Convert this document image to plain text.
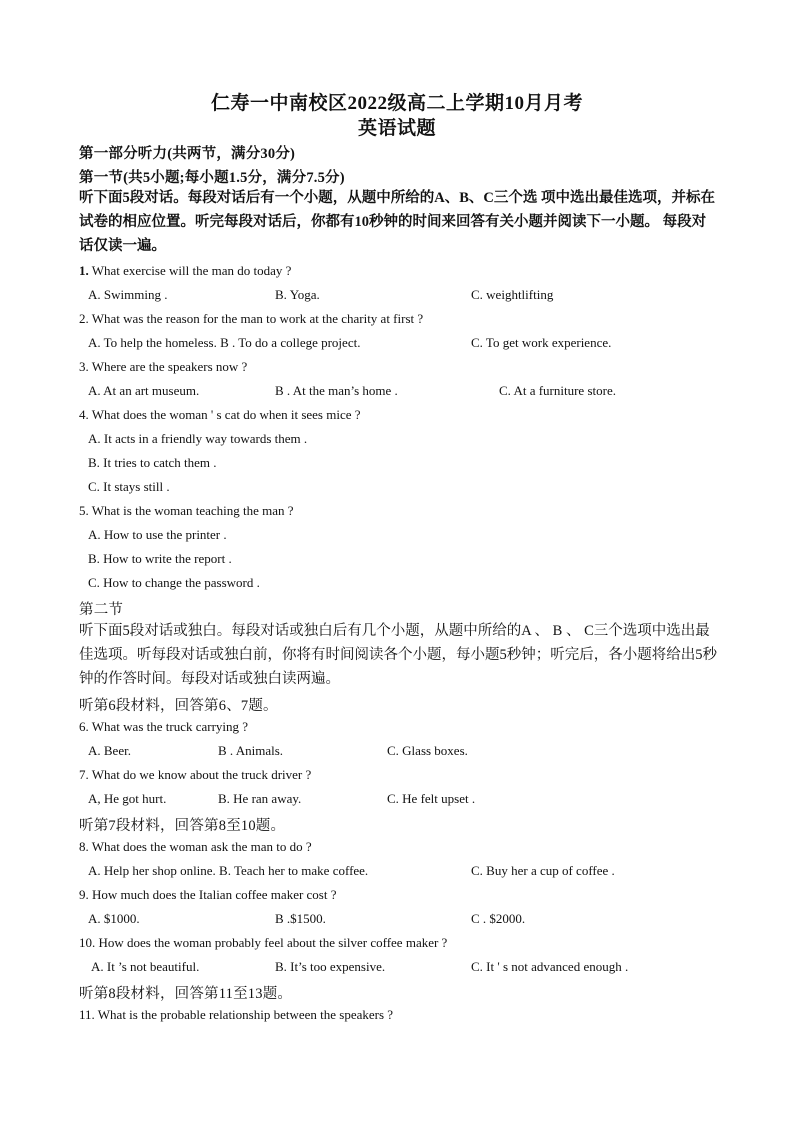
仁寿一中南校区2022级高二上学期10月月考
英语试题
第一部分听力(共两节，满分30分)
第一节(共5小题;每小题1.5分，满分7.5分)
听下面5段对话。每段对话后有一个小题，从题中所给的A、B、C三个选 项中选出最佳选项，并标在试卷的相应位置。听完每段对话后，你都有10秒钟的时间来回答有关小题并阅读下一小题。 每段对话仅读一遍。
1. What exercise will the man do today ?
A. Swimming .	B. Yoga.	C. weightlifting
2. What was the reason for the man to work at the charity at first ?
A. To help the homeless. B . To do a college project.	C. To get work experience.
3. Where are the speakers now ?
A. At an art museum.	B . At the man’s home .	C. At a furniture store.
4. What does the woman ' s cat do when it sees mice ?
A. It acts in a friendly way towards them .
B. It tries to catch them .
C. It stays still .
5. What is the woman teaching the man ?
A. How to use the printer .
B. How to write the report .
C. How to change the password .
第二节
听下面5段对话或独白。每段对话或独白后有几个小题，从题中所给的A 、 B 、 C三个选项中选出最佳选项。听每段对话或独白前，你将有时间阅读各个小题，每小题5秒钟；听完后，各小题将给出5秒钟的作答时间。每段对话或独白读两遍。
听第6段材料，回答第6、7题。
6. What was the truck carrying ?
A. Beer.	B . Animals.	C. Glass boxes.
7. What do we know about the truck driver ?
A, He got hurt.	B. He ran away.	C. He felt upset .
听第7段材料，回答第8至10题。
8. What does the woman ask the man to do ?
A. Help her shop online. B. Teach her to make coffee.	C. Buy her a cup of coffee .
9. How much does the Italian coffee maker cost ?
A. $1000.	B .$1500.	C . $2000.
10. How does the woman probably feel about the silver coffee maker ?
A. It ’s not beautiful.	B. It’s too expensive.	C. It ' s not advanced enough .
听第8段材料，回答第11至13题。
11. What is the probable relationship between the speakers ?
